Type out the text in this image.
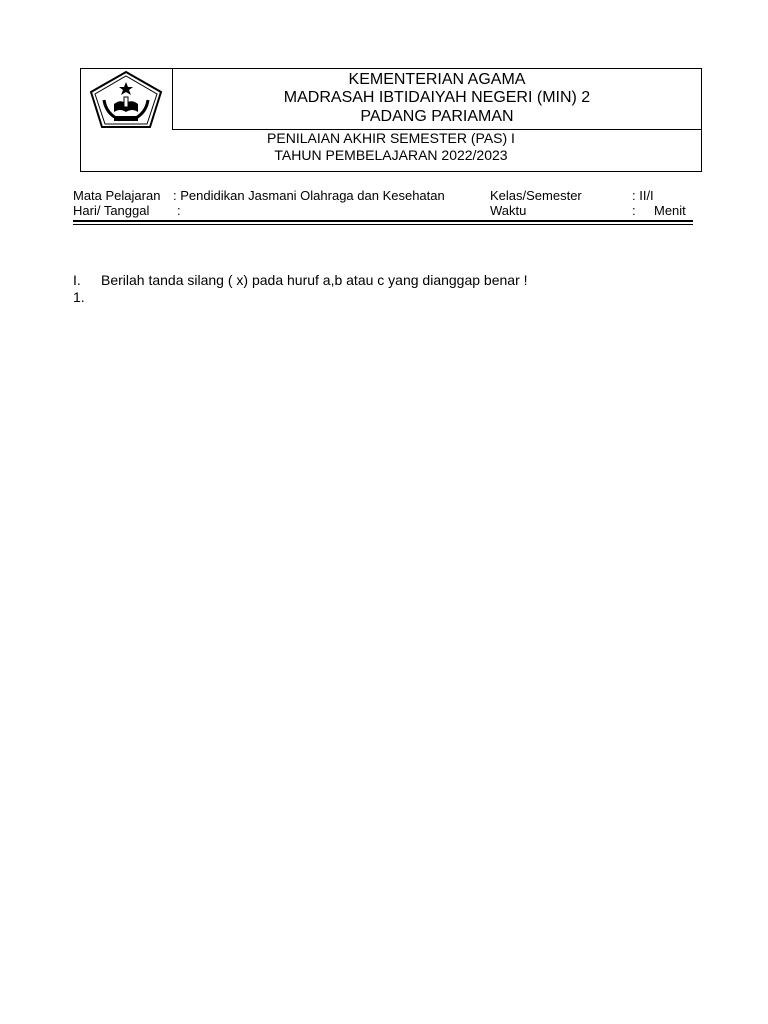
KEMENTERIAN AGAMA
MADRASAH IBTIDAIYAH NEGERI (MIN) 2
PADANG PARIAMAN
PENILAIAN AKHIR SEMESTER (PAS) I
TAHUN PEMBELAJARAN 2022/2023
Mata Pelajaran : Pendidikan Jasmani Olahraga dan Kesehatan	Kelas/Semester	: II/I
Hari/ Tanggal :	Waktu	: Menit
I. Berilah tanda silang ( x) pada huruf a,b atau c yang dianggap benar !
1.
